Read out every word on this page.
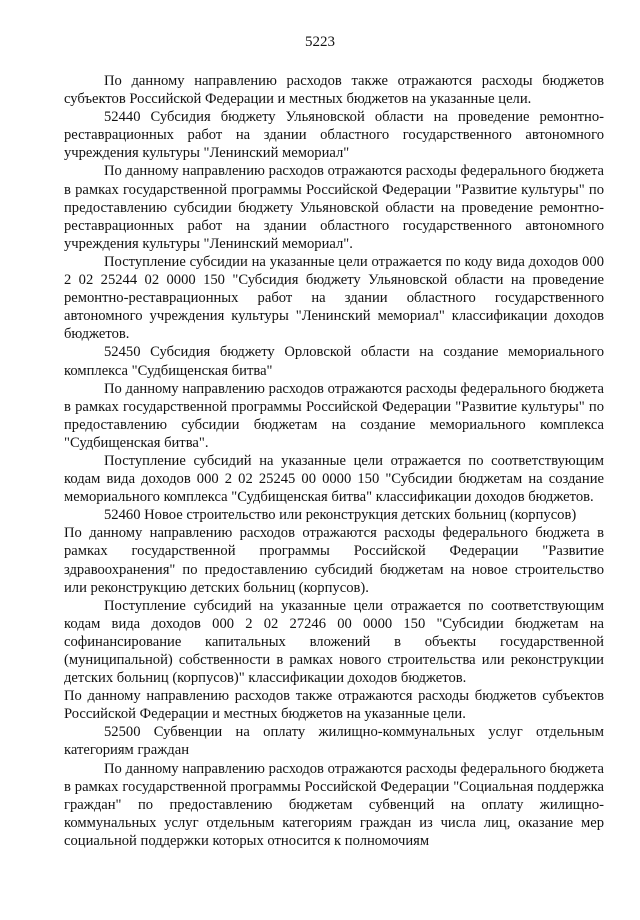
5223

По данному направлению расходов также отражаются расходы бюджетов субъектов Российской Федерации и местных бюджетов на указанные цели.

52440 Субсидия бюджету Ульяновской области на проведение ремонтно-реставрационных работ на здании областного государственного автономного учреждения культуры "Ленинский мемориал"

По данному направлению расходов отражаются расходы федерального бюджета в рамках государственной программы Российской Федерации "Развитие культуры" по предоставлению субсидии бюджету Ульяновской области на проведение ремонтно-реставрационных работ на здании областного государственного автономного учреждения культуры "Ленинский мемориал".

Поступление субсидии на указанные цели отражается по коду вида доходов 000 2 02 25244 02 0000 150 "Субсидия бюджету Ульяновской области на проведение ремонтно-реставрационных работ на здании областного государственного автономного учреждения культуры "Ленинский мемориал" классификации доходов бюджетов.

52450 Субсидия бюджету Орловской области на создание мемориального комплекса "Судбищенская битва"

По данному направлению расходов отражаются расходы федерального бюджета в рамках государственной программы Российской Федерации "Развитие культуры" по предоставлению субсидии бюджетам на создание мемориального комплекса "Судбищенская битва".

Поступление субсидий на указанные цели отражается по соответствующим кодам вида доходов 000 2 02 25245 00 0000 150 "Субсидии бюджетам на создание мемориального комплекса "Судбищенская битва" классификации доходов бюджетов.

52460 Новое строительство или реконструкция детских больниц (корпусов)

По данному направлению расходов отражаются расходы федерального бюджета в рамках государственной программы Российской Федерации "Развитие здравоохранения" по предоставлению субсидий бюджетам на новое строительство или реконструкцию детских больниц (корпусов).

Поступление субсидий на указанные цели отражается по соответствующим кодам вида доходов 000 2 02 27246 00 0000 150 "Субсидии бюджетам на софинансирование капитальных вложений в объекты государственной (муниципальной) собственности в рамках нового строительства или реконструкции детских больниц (корпусов)" классификации доходов бюджетов.

По данному направлению расходов также отражаются расходы бюджетов субъектов Российской Федерации и местных бюджетов на указанные цели.

52500 Субвенции на оплату жилищно-коммунальных услуг отдельным категориям граждан

По данному направлению расходов отражаются расходы федерального бюджета в рамках государственной программы Российской Федерации "Социальная поддержка граждан" по предоставлению бюджетам субвенций на оплату жилищно-коммунальных услуг отдельным категориям граждан из числа лиц, оказание мер социальной поддержки которых относится к полномочиям
